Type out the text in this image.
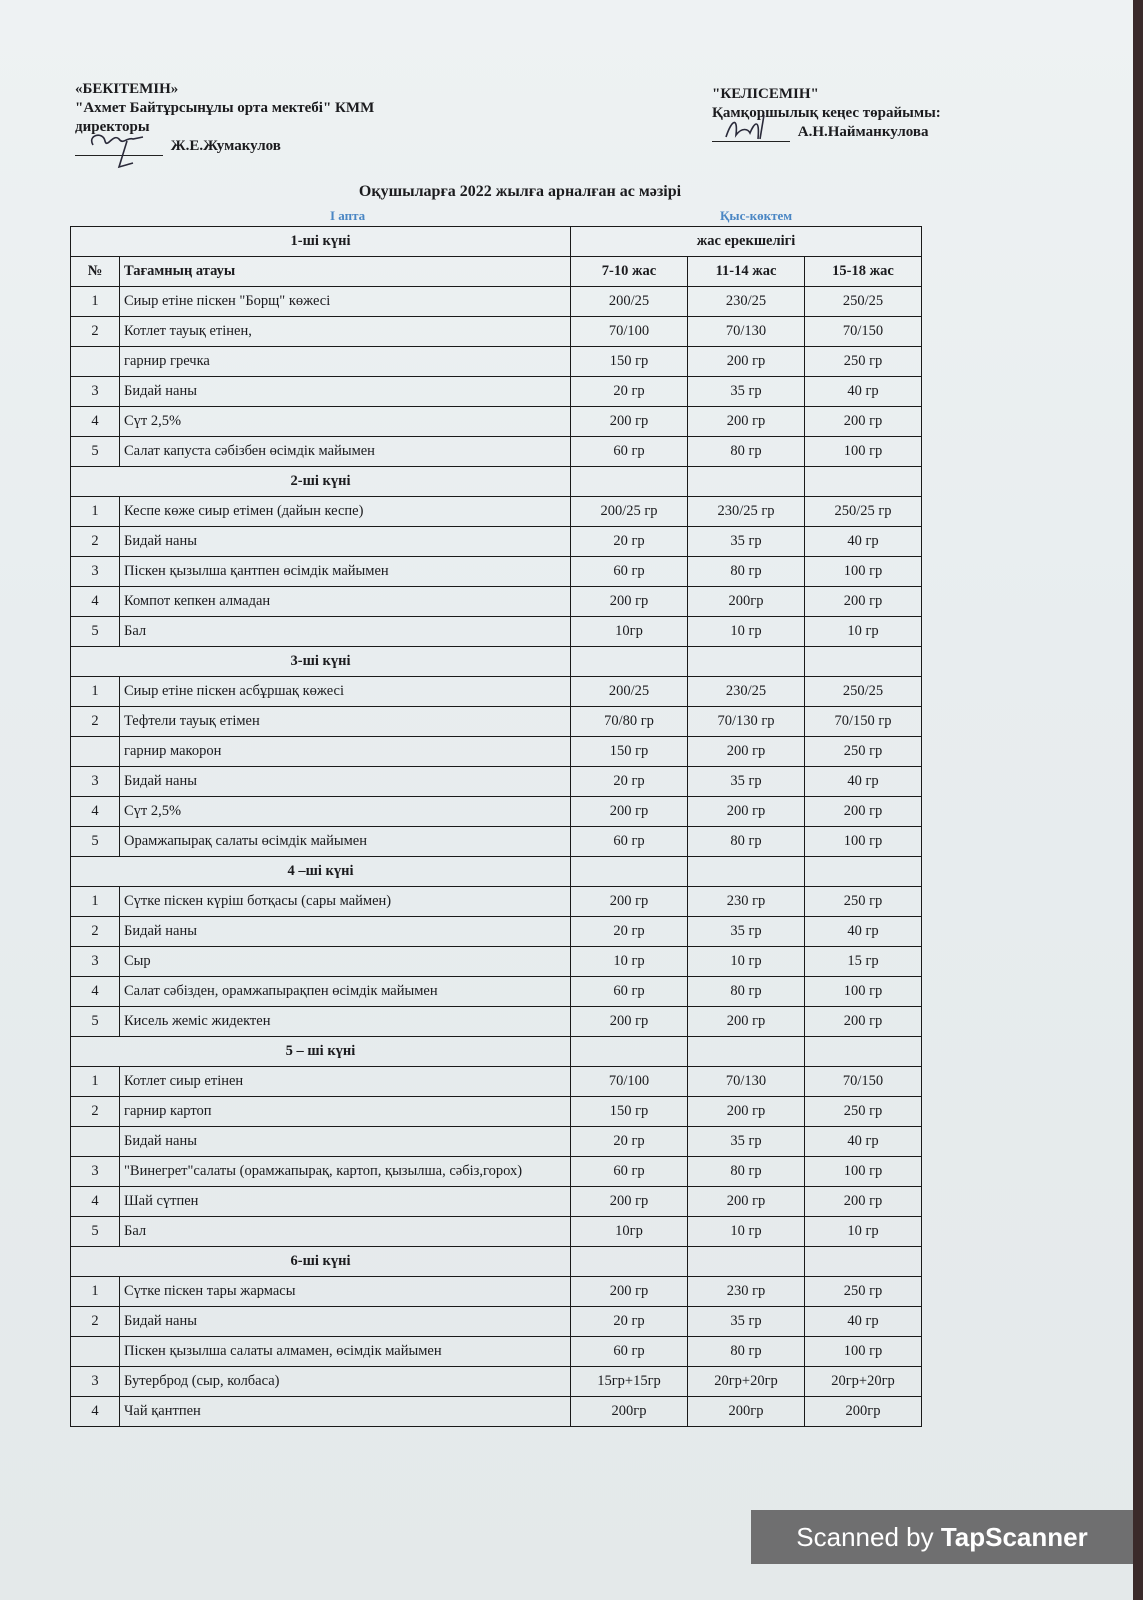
«БЕКІТЕМІН»
"Ахмет Байтұрсынұлы орта мектебі" КММ
директоры
Ж.Е.Жумакулов
"КЕЛІСЕМІН"
Қамқоршылық кеңес төрайымы:
А.Н.Найманкулова
Оқушыларға 2022 жылға арналған ас мәзірі
I апта	Қыс-көктем
1-ші күні		жас ерекшелігі		
№	Тағамның атауы	7-10 жас	11-14 жас	15-18 жас
1	Сиыр етіне піскен "Борщ" көжесі	200/25	230/25	250/25
2	Котлет тауық етінен,	70/100	70/130	70/150
	гарнир гречка	150 гр	200 гр	250 гр
3	Бидай наны	20 гр	35 гр	40 гр
4	Сүт 2,5%	200 гр	200 гр	200 гр
5	Салат капуста сәбізбен өсімдік майымен	60 гр	80 гр	100 гр
2-ші күні				
1	Кеспе көже сиыр етімен (дайын кеспе)	200/25 гр	230/25 гр	250/25 гр
2	Бидай наны	20 гр	35 гр	40 гр
3	Піскен қызылша қантпен өсімдік майымен	60 гр	80 гр	100 гр
4	Компот кепкен алмадан	200 гр	200гр	200 гр
5	Бал	10гр	10 гр	10 гр
3-ші күні				
1	Сиыр етіне піскен асбұршақ көжесі	200/25	230/25	250/25
2	Тефтели тауық етімен	70/80 гр	70/130 гр	70/150 гр
	гарнир макорон	150 гр	200 гр	250 гр
3	Бидай наны	20 гр	35 гр	40 гр
4	Сүт 2,5%	200 гр	200 гр	200 гр
5	Орамжапырақ салаты өсімдік майымен	60 гр	80 гр	100 гр
4 –ші күні				
1	Сүтке піскен күріш ботқасы (сары маймен)	200 гр	230 гр	250 гр
2	Бидай наны	20 гр	35 гр	40 гр
3	Сыр	10 гр	10 гр	15 гр
4	Салат сәбізден, орамжапырақпен өсімдік майымен	60 гр	80 гр	100 гр
5	Кисель жеміс жидектен	200 гр	200 гр	200 гр
5 – ші күні				
1	Котлет сиыр етінен	70/100	70/130	70/150
2	гарнир картоп	150 гр	200 гр	250 гр
	Бидай наны	20 гр	35 гр	40 гр
3	"Винегрет"салаты (орамжапырақ, картоп, қызылша, сәбіз,горох)	60 гр	80 гр	100 гр
4	Шай сүтпен	200 гр	200 гр	200 гр
5	Бал	10гр	10 гр	10 гр
6-ші күні				
1	Сүтке піскен тары жармасы	200 гр	230 гр	250 гр
2	Бидай наны	20 гр	35 гр	40 гр
	Піскен қызылша салаты алмамен, өсімдік майымен	60 гр	80 гр	100 гр
3	Бутерброд (сыр, колбаса)	15гр+15гр	20гр+20гр	20гр+20гр
4	Чай қантпен	200гр	200гр	200гр
Scanned by TapScanner
